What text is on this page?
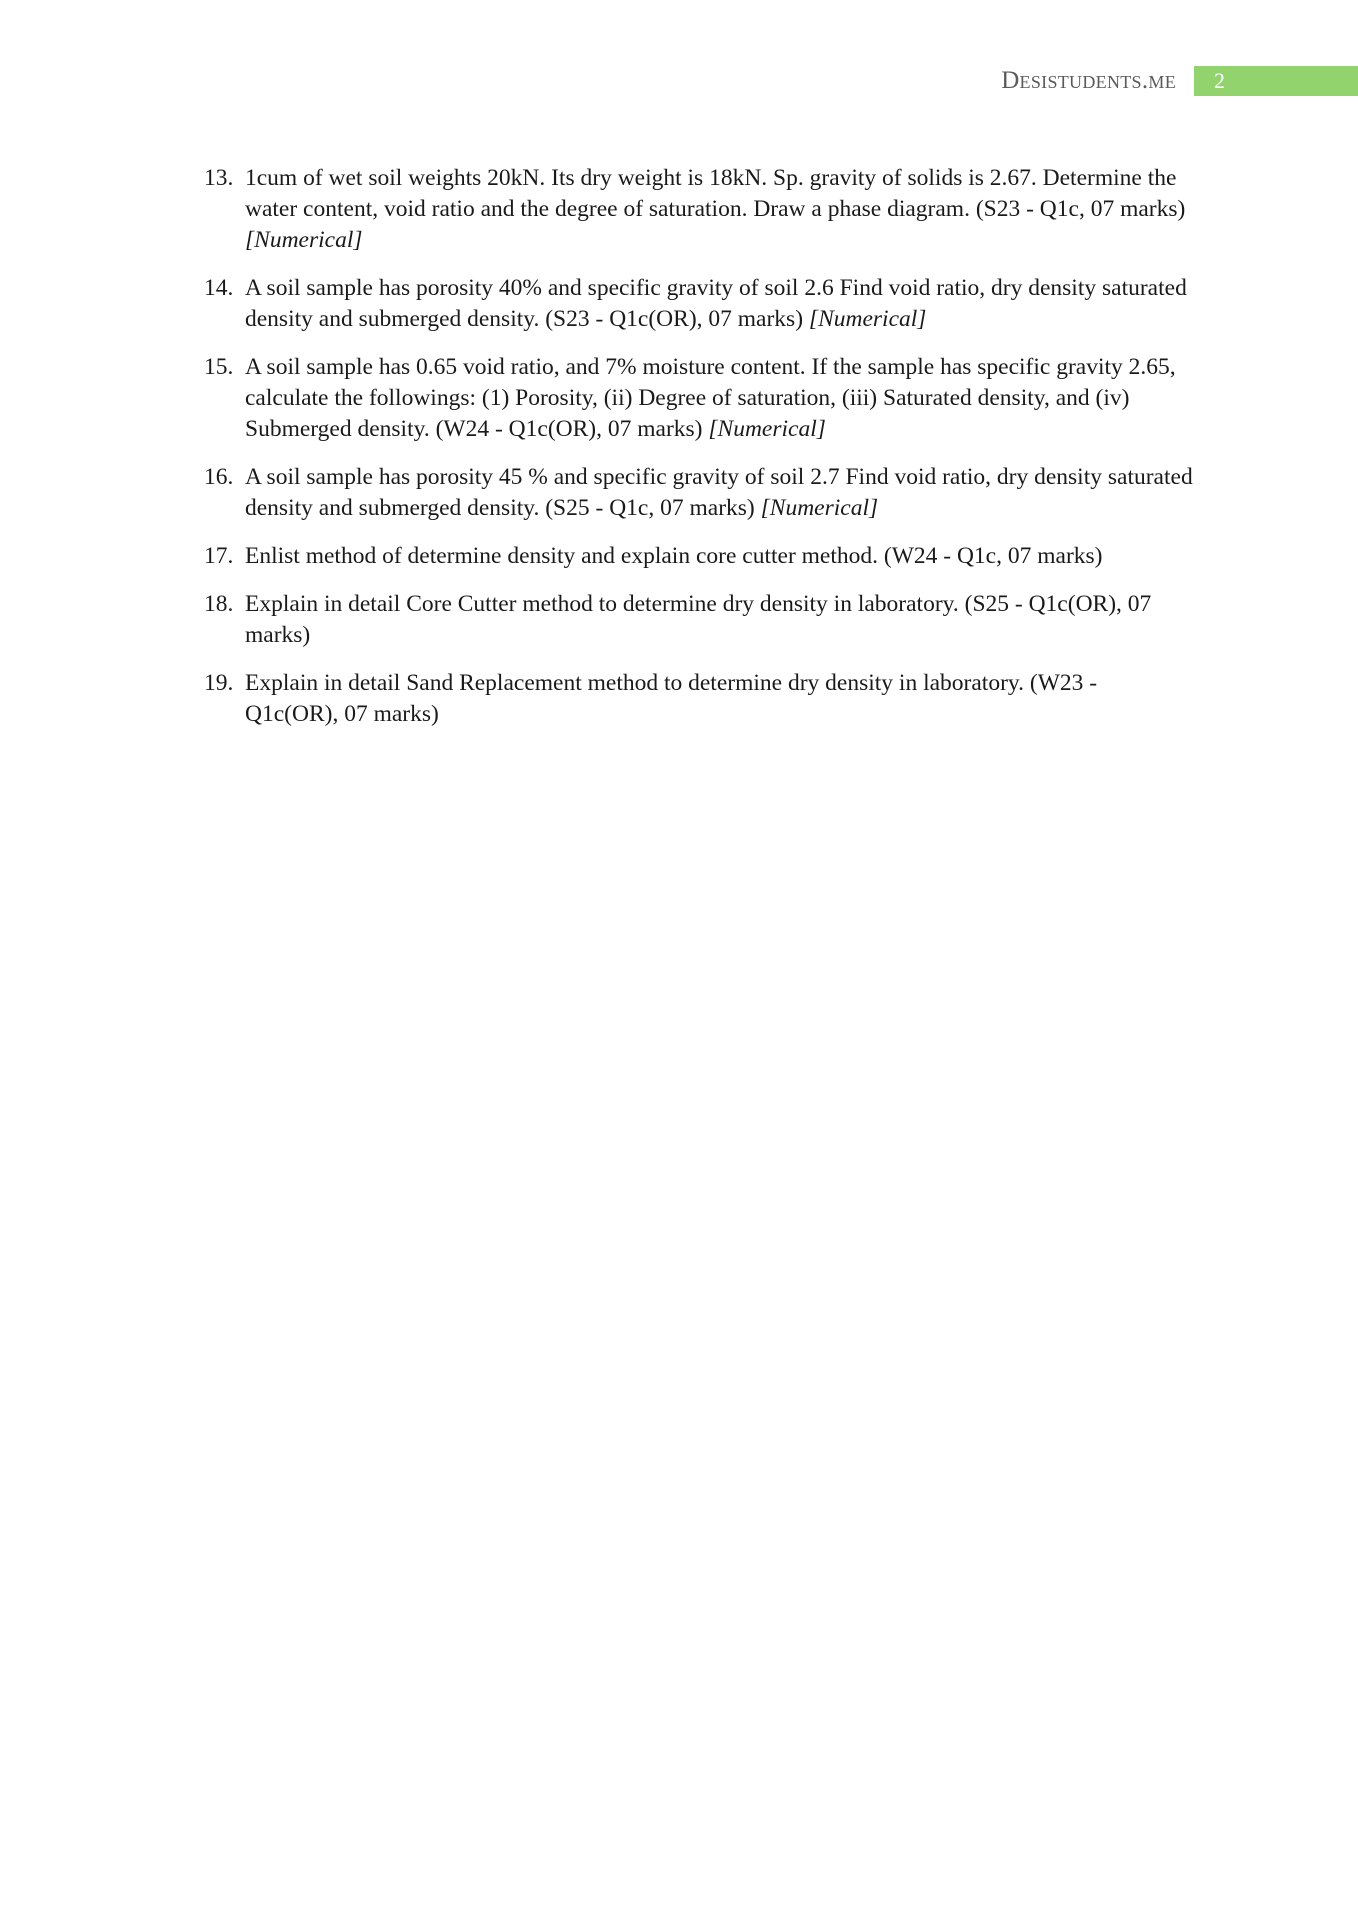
Desistudents.me 2
13. 1cum of wet soil weights 20kN. Its dry weight is 18kN. Sp. gravity of solids is 2.67. Determine the water content, void ratio and the degree of saturation. Draw a phase diagram. (S23 - Q1c, 07 marks) [Numerical]
14. A soil sample has porosity 40% and specific gravity of soil 2.6 Find void ratio, dry density saturated density and submerged density. (S23 - Q1c(OR), 07 marks) [Numerical]
15. A soil sample has 0.65 void ratio, and 7% moisture content. If the sample has specific gravity 2.65, calculate the followings: (1) Porosity, (ii) Degree of saturation, (iii) Saturated density, and (iv) Submerged density. (W24 - Q1c(OR), 07 marks) [Numerical]
16. A soil sample has porosity 45 % and specific gravity of soil 2.7 Find void ratio, dry density saturated density and submerged density. (S25 - Q1c, 07 marks) [Numerical]
17. Enlist method of determine density and explain core cutter method. (W24 - Q1c, 07 marks)
18. Explain in detail Core Cutter method to determine dry density in laboratory. (S25 - Q1c(OR), 07 marks)
19. Explain in detail Sand Replacement method to determine dry density in laboratory. (W23 - Q1c(OR), 07 marks)
